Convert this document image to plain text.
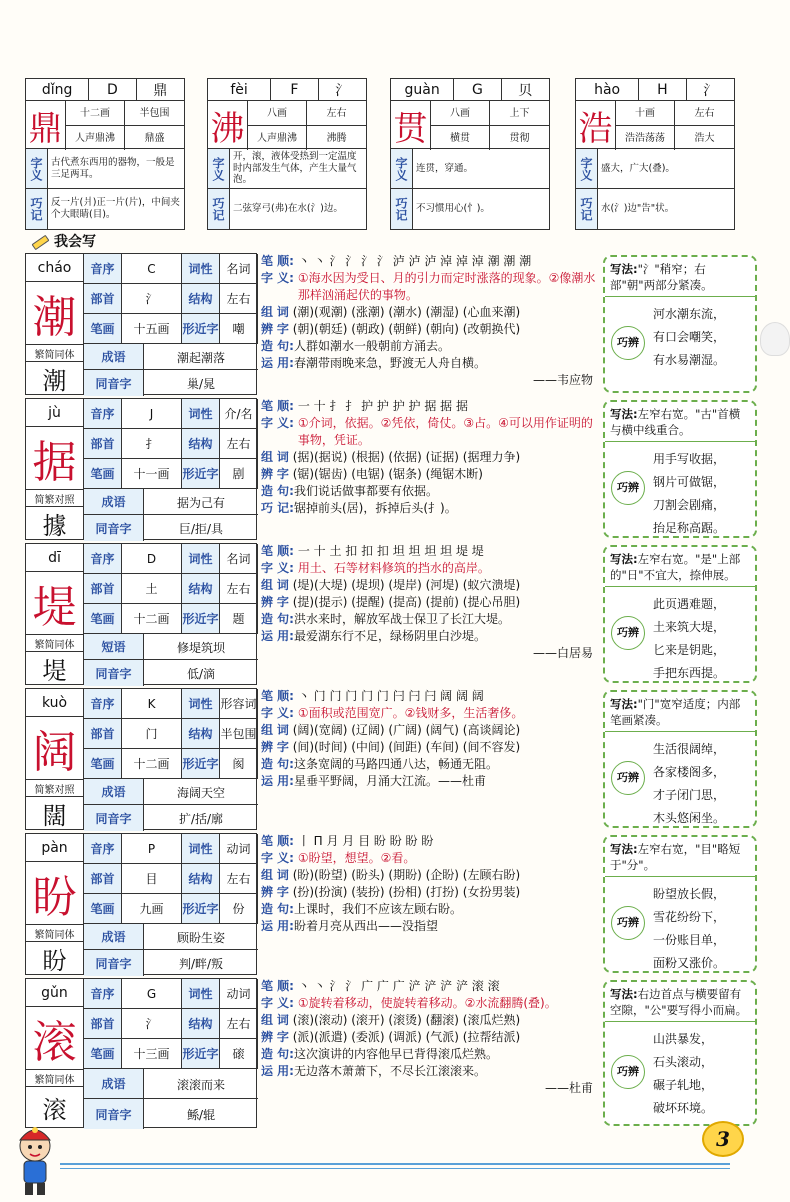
dǐng	D	鼎
鼎	十二画	半包围
人声鼎沸	鼎盛
字义 古代煮东西用的器物，一般是三足两耳。
巧记 反一片(爿)正一片(片)，中间夹个大眼睛(目)。
fèi	F	氵
沸	八画	左右
人声鼎沸	沸腾
字义
开，滚，液体受热到一定温度时内部发生气体，产生大量气泡。
巧记 二弦穿弓(弗)在水(氵)边。
guàn	G	贝
贯	八画	上下
横贯	贯彻
字义 连贯，穿通。
巧记 不习惯用心(忄)。
hào	H	氵
浩	十画	左右
浩浩荡荡	浩大
字义 盛大，广大(叠)。
巧记 水(氵)边"告"状。
我会写
cháo
潮
繁简同体
潮
音序	C	词性	名词
部首	氵	结构	左右
笔画	十五画	形近字	嘲
成语	潮起潮落
同音字	巢/晁
笔 顺: 丶 丶 氵 氵 氵 氵 泸 泸 泸 淖 淖 淖 潮 潮 潮
字 义:
①海水因为受日、月的引力而定时涨落的现象。②像潮水那样汹涌起伏的事物。
组 词 (潮)(观潮) (涨潮) (潮水) (潮湿) (心血来潮)
辨 字 (朝)(朝廷) (朝政) (朝鲜) (朝向) (改朝换代)
造 句:人群如潮水一般朝前方涌去。
运 用:春潮带雨晚来急，野渡无人舟自横。
——韦应物
写法:"氵"稍窄；右部"朝"两部分紧凑。
巧辨
河水潮东流，
有口会嘲笑，
有水易潮湿。
jù
据
简繁对照
據
音序	J	词性 介/名
部首	扌	结构	左右
笔画	十一画	形近字	剧
成语	据为己有
同音字	巨/拒/具
笔 顺: 一 十 扌 扌 护 护 护 护 据 据 据
字 义:
①介词，依据。②凭依，倚仗。③占。④可以用作证明的事物，凭证。
组 词 (据)(据说) (根据) (依据) (证据) (据理力争)
辨 字 (锯)(锯齿) (电锯) (锯条) (绳锯木断)
造 句:我们说话做事都要有依据。
巧 记:锯掉前头(居)，拆掉后头(扌)。
写法:左窄右宽。"古"首横与横中线重合。
巧辨
用手写收据，
钢片可做锯，
刀割会剧痛，
抬足称高踞。
dī
堤
繁简同体
堤
音序	D	词性	名词
部首	土	结构	左右
笔画	十二画	形近字	题
短语	修堤筑坝
同音字	低/滴
笔 顺: 一 十 土 扣 扣 扣 坦 坦 坦 坦 堤 堤
字 义:
用土、石等材料修筑的挡水的高岸。
组 词 (堤)(大堤) (堤坝) (堤岸) (河堤) (蚁穴溃堤)
辨 字 (提)(提示) (提醒) (提高) (提前) (提心吊胆)
造 句:洪水来时，解放军战士保卫了长江大堤。
运 用:最爱湖东行不足，绿杨阴里白沙堤。
——白居易
写法:左窄右宽。"是"上部的"日"不宜大，捺伸展。
巧辨
此页遇难题，
土来筑大堤，
匕来是钥匙，
手把东西提。
kuò
阔
简繁对照
闊
音序	K	词性 形容词
部首	门	结构 半包围
笔画	十二画	形近字	阂
成语	海阔天空
同音字	扩/括/廓
笔 顺: 丶 门 门 门 门 门 闩 闩 闩 阔 阔 阔
字 义:
①面积或范围宽广。②钱财多，生活奢侈。
组 词 (阔)(宽阔) (辽阔) (广阔) (阔气) (高谈阔论)
辨 字 (间)(时间) (中间) (间距) (车间) (间不容发)
造 句:这条宽阔的马路四通八达，畅通无阻。
运 用:星垂平野阔，月涌大江流。——杜甫
写法:"门"宽窄适度；内部笔画紧凑。
巧辨
生活很阔绰，
各家楼阁多，
才子闭门思，
木头悠闲坐。
pàn
盼
繁简同体
盼
音序	P	词性	动词
部首	目	结构	左右
笔画	九画	形近字	份
成语	顾盼生姿
同音字	判/畔/叛
笔 顺: 丨 Π 月 月 目 盼 盼 盼 盼
字 义:
①盼望，想望。②看。
组 词 (盼)(盼望) (盼头) (期盼) (企盼) (左顾右盼)
辨 字 (扮)(扮演) (装扮) (扮相) (打扮) (女扮男装)
造 句:上课时，我们不应该左顾右盼。
运 用:盼着月亮从西出——没指望
写法:左窄右宽，"目"略短于"分"。
巧辨
盼望放长假，
雪花纷纷下，
一份账目单，
面粉又涨价。
gǔn
滚
繁简同体
滚
音序	G	词性	动词
部首	氵	结构	左右
笔画	十三画	形近字	磙
成语	滚滚而来
同音字	鲧/辊
笔 顺: 丶 丶 氵 氵 广 广 广 浐 浐 浐 浐 滚 滚
字 义:
①旋转着移动，使旋转着移动。②水流翻腾(叠)。
组 词 (滚)(滚动) (滚开) (滚烫) (翻滚) (滚瓜烂熟)
辨 字 (派)(派遣) (委派) (调派) (气派) (拉帮结派)
造 句:这次演讲的内容他早已背得滚瓜烂熟。
运 用:无边落木萧萧下，不尽长江滚滚来。
——杜甫
写法:右边首点与横要留有空隙，"公"要写得小而扁。
巧辨
山洪暴发，
石头滚动，
碾子轧地，
破坏环境。
3
